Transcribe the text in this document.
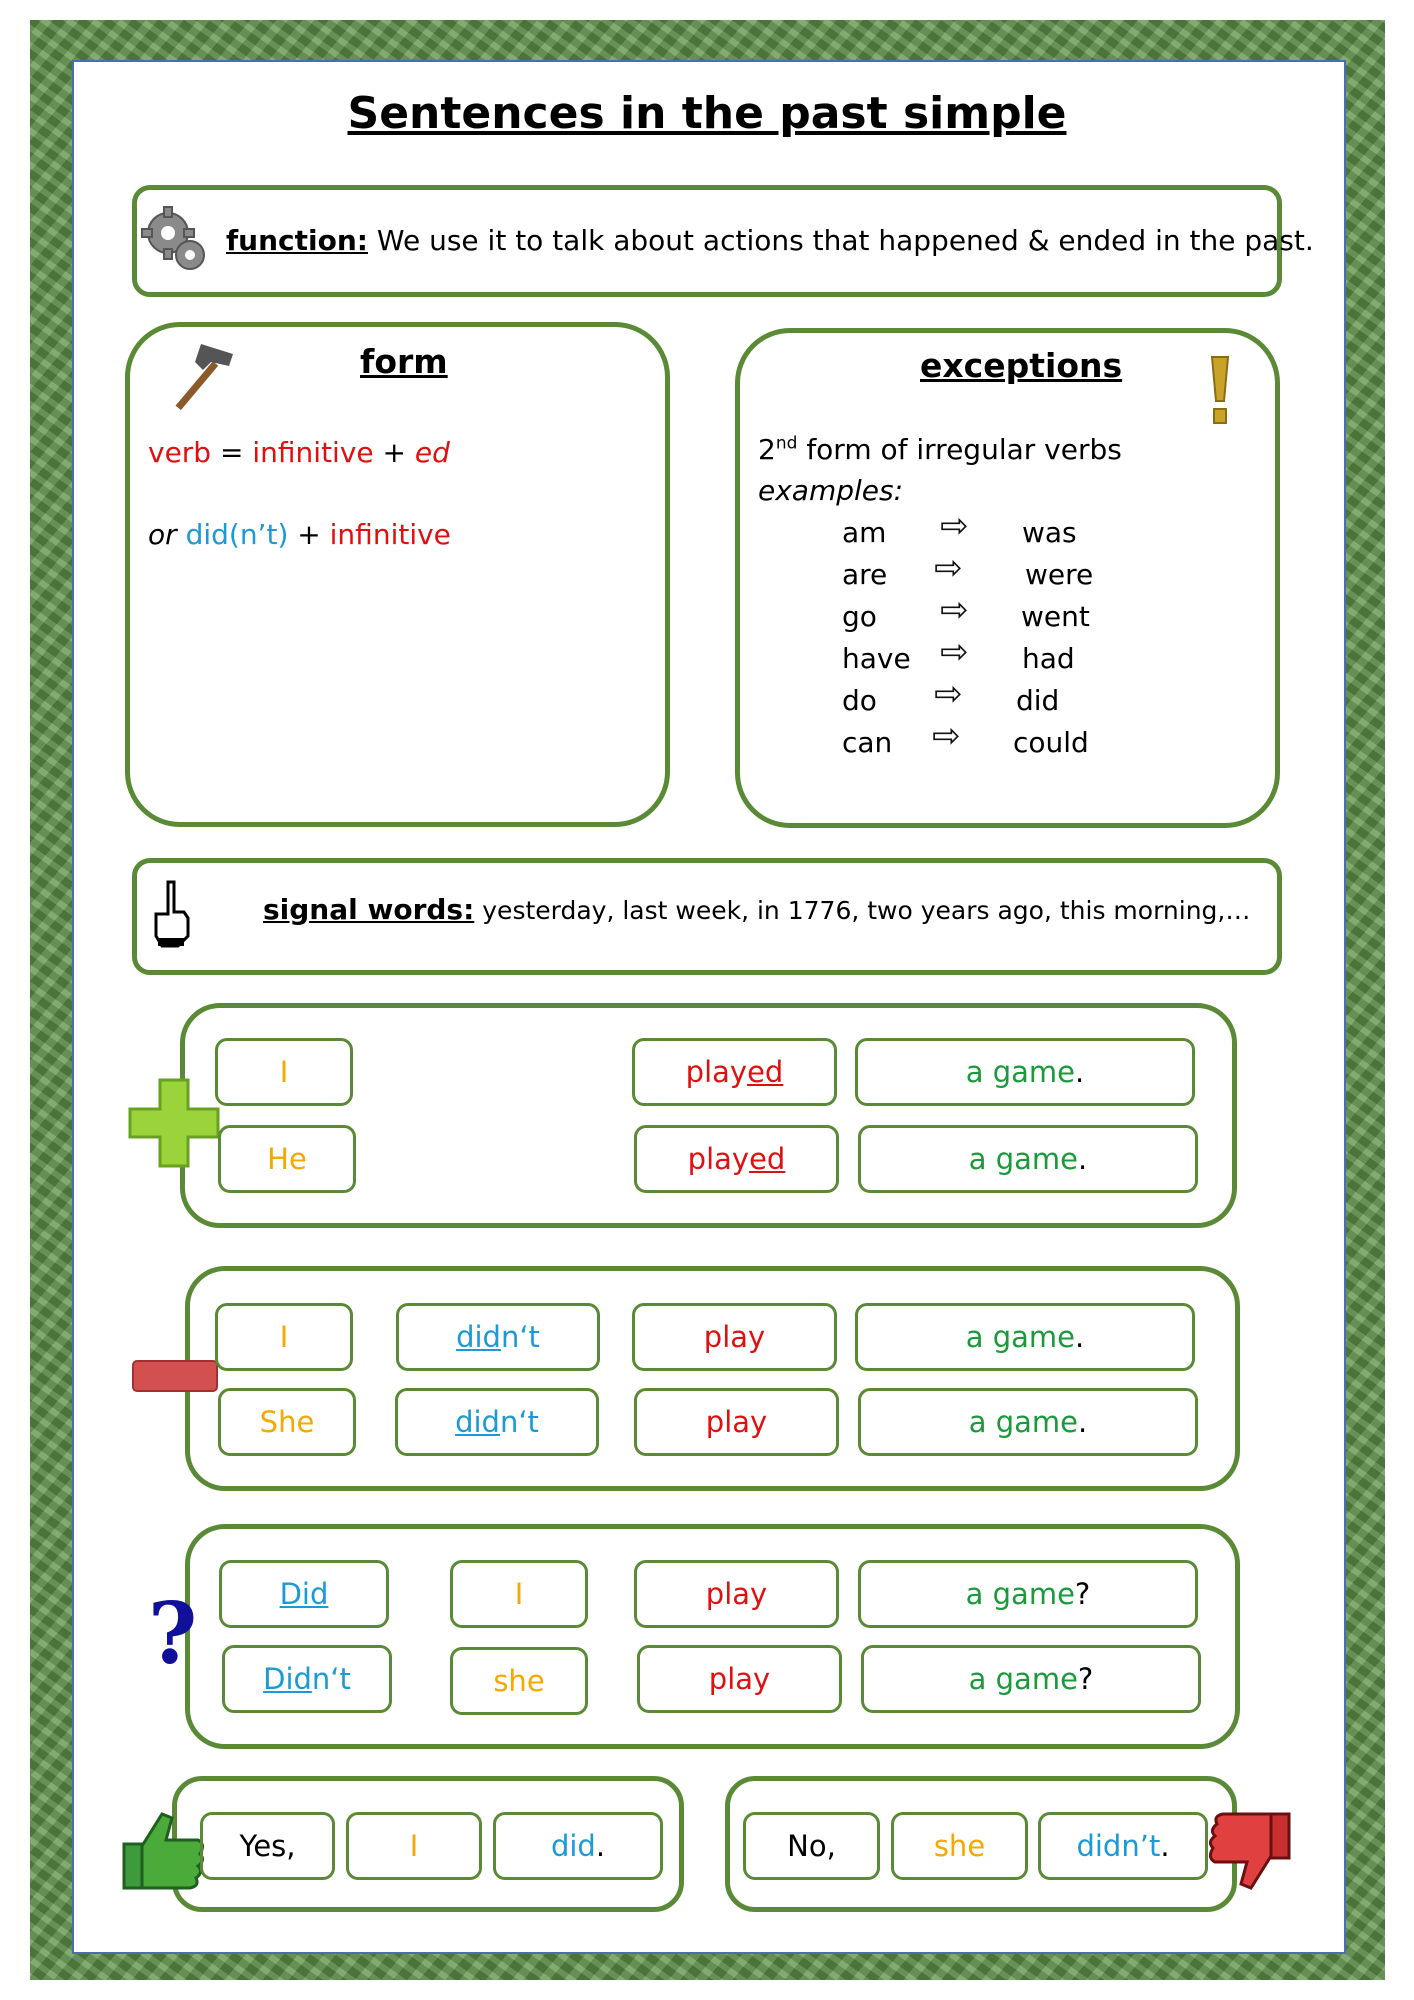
Sentences in the past simple
function: We use it to talk about actions that happened & ended in the past.
form
verb = infinitive + ed
or did(n’t) + infinitive
exceptions
2nd form of irregular verbs
examples:
am ⇨ was
are ⇨ were
go ⇨ went
have ⇨ had
do ⇨ did
can ⇨ could
signal words: yesterday, last week, in 1776, two years ago, this morning,…
I	play ed	a game .
He	play ed	a game .
I	did n‘t	play	a game .
She	did n‘t	play	a game .
?	Did	I	play	a game ?
Did n‘t	she	play	a game ?
Yes,	I	did .	No,	she	didn’t .
